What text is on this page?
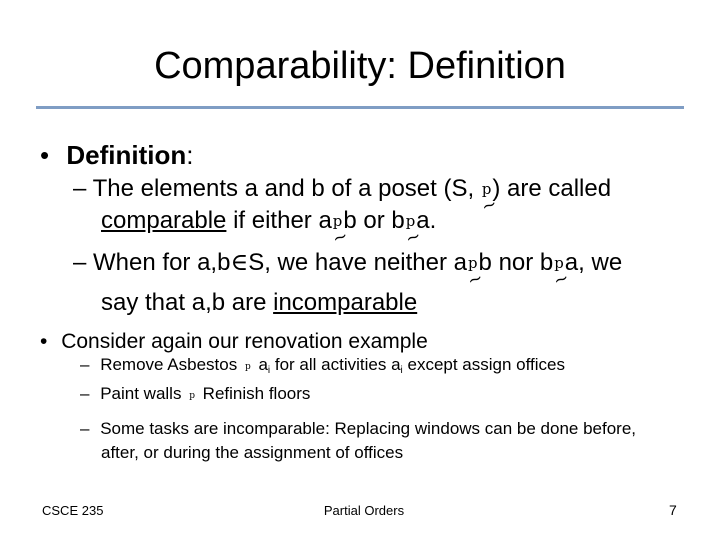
Comparability: Definition
• Definition:
– The elements a and b of a poset (S, p
~
) are called
comparable if either ap
~
b or bp
~
a.
– When for a,b∈S, we have neither ap
~
b nor bp
~
a, we
say that a,b are incomparable
• Consider again our renovation example
– Remove Asbestos p $a_i$ for all activities $a_i$ except assign offices
– Paint walls p Refinish floors
– Some tasks are incomparable: Replacing windows can be done before,
after, or during the assignment of offices
CSCE 235	Partial Orders	7
